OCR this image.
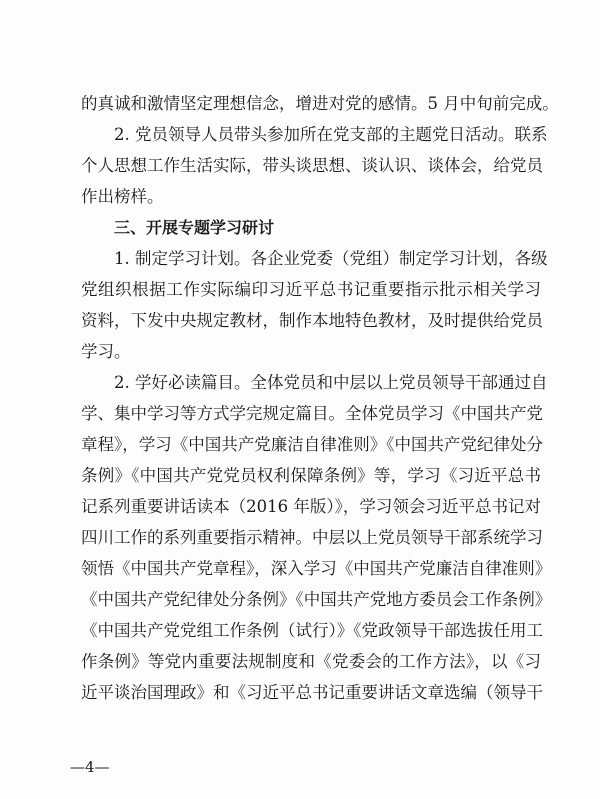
的真诚和激情坚定理想信念，增进对党的感情。5 月中旬前完成。
2. 党员领导人员带头参加所在党支部的主题党日活动。联系
个人思想工作生活实际，带头谈思想、谈认识、谈体会，给党员
作出榜样。
三、开展专题学习研讨
1. 制定学习计划。各企业党委（党组）制定学习计划，各级
党组织根据工作实际编印习近平总书记重要指示批示相关学习
资料，下发中央规定教材，制作本地特色教材，及时提供给党员
学习。
2. 学好必读篇目。全体党员和中层以上党员领导干部通过自
学、集中学习等方式学完规定篇目。全体党员学习《中国共产党
章程》，学习《中国共产党廉洁自律准则》《中国共产党纪律处分
条例》《中国共产党党员权利保障条例》等，学习《习近平总书
记系列重要讲话读本（2016 年版）》，学习领会习近平总书记对
四川工作的系列重要指示精神。中层以上党员领导干部系统学习
领悟《中国共产党章程》，深入学习《中国共产党廉洁自律准则》
《中国共产党纪律处分条例》《中国共产党地方委员会工作条例》
《中国共产党党组工作条例（试行）》《党政领导干部选拔任用工
作条例》等党内重要法规制度和《党委会的工作方法》，以《习
近平谈治国理政》和《习近平总书记重要讲话文章选编（领导干
—4—
